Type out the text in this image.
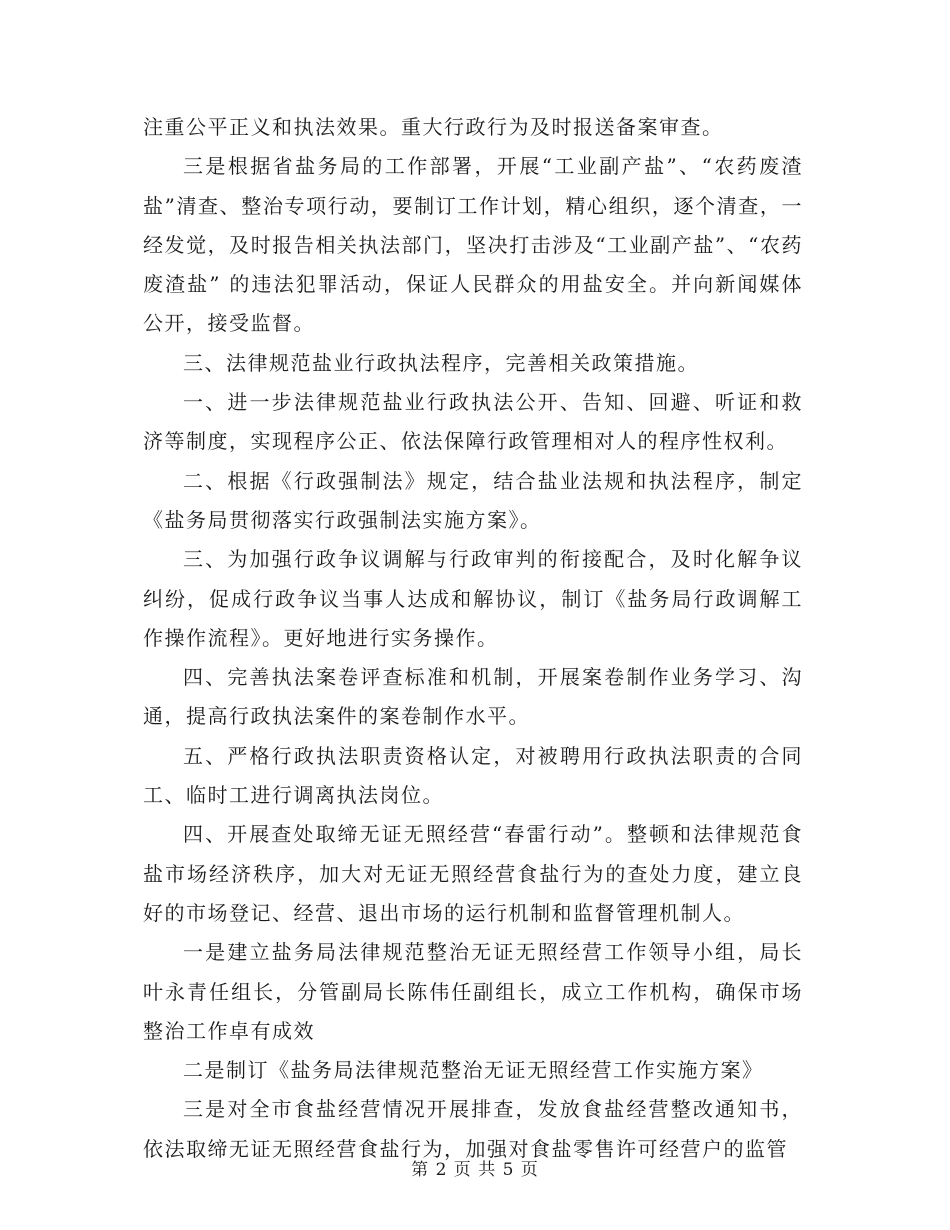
注重公平正义和执法效果。重大行政行为及时报送备案审查。

三是根据省盐务局的工作部署，开展“工业副产盐”、“农药废渣盐”清查、整治专项行动，要制订工作计划，精心组织，逐个清查，一经发觉，及时报告相关执法部门，坚决打击涉及“工业副产盐”、“农药废渣盐” 的违法犯罪活动，保证人民群众的用盐安全。并向新闻媒体公开，接受监督。

三、法律规范盐业行政执法程序，完善相关政策措施。

一、进一步法律规范盐业行政执法公开、告知、回避、听证和救济等制度，实现程序公正、依法保障行政管理相对人的程序性权利。

二、根据《行政强制法》规定，结合盐业法规和执法程序，制定《盐务局贯彻落实行政强制法实施方案》。

三、为加强行政争议调解与行政审判的衔接配合，及时化解争议纠纷，促成行政争议当事人达成和解协议，制订《盐务局行政调解工作操作流程》。更好地进行实务操作。

四、完善执法案卷评查标准和机制，开展案卷制作业务学习、沟通，提高行政执法案件的案卷制作水平。

五、严格行政执法职责资格认定，对被聘用行政执法职责的合同工、临时工进行调离执法岗位。

四、开展查处取缔无证无照经营“春雷行动”。整顿和法律规范食盐市场经济秩序，加大对无证无照经营食盐行为的查处力度，建立良好的市场登记、经营、退出市场的运行机制和监督管理机制人。

一是建立盐务局法律规范整治无证无照经营工作领导小组，局长叶永青任组长，分管副局长陈伟任副组长，成立工作机构，确保市场整治工作卓有成效

二是制订《盐务局法律规范整治无证无照经营工作实施方案》

三是对全市食盐经营情况开展排查，发放食盐经营整改通知书，依法取缔无证无照经营食盐行为，加强对食盐零售许可经营户的监管

第 2 页 共 5 页
